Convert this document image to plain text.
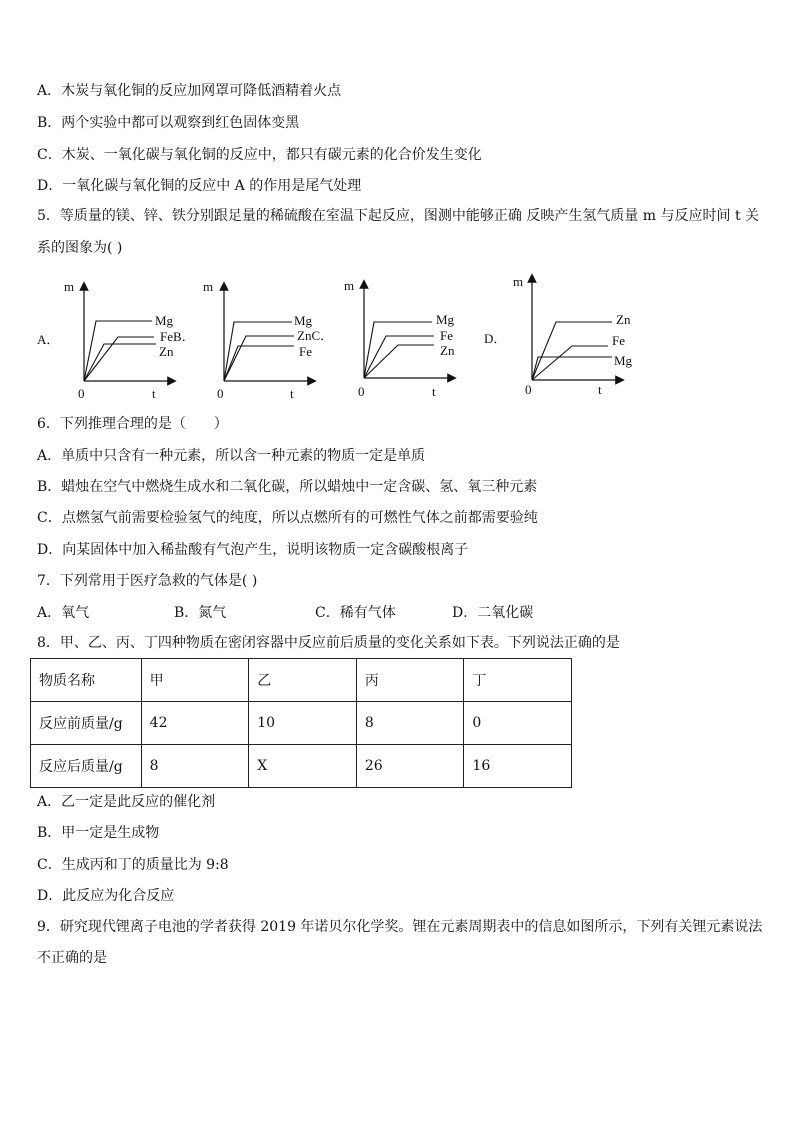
A．木炭与氧化铜的反应加网罩可降低酒精着火点
B．两个实验中都可以观察到红色固体变黑
C．木炭、一氧化碳与氧化铜的反应中，都只有碳元素的化合价发生变化
D．一氧化碳与氧化铜的反应中 A 的作用是尾气处理
5．等质量的镁、锌、铁分别跟足量的稀硫酸在室温下起反应，图测中能够正确 反映产生氢气质量 m 与反应时间 t 关
系的图象为( )
A．	D．
m
t
0
Mg
FeB．
Zn
m
t
0
Mg
ZnC．
Fe
m
t
0
Mg
Fe
Zn
m
t
0
Zn
Fe
Mg
6．下列推理合理的是（　　）
A．单质中只含有一种元素，所以含一种元素的物质一定是单质
B．蜡烛在空气中燃烧生成水和二氧化碳，所以蜡烛中一定含碳、氢、氧三种元素
C．点燃氢气前需要检验氢气的纯度，所以点燃所有的可燃性气体之前都需要验纯
D．向某固体中加入稀盐酸有气泡产生，说明该物质一定含碳酸根离子
7．下列常用于医疗急救的气体是( )
A．氧气	B．氮气	C．稀有气体	D．二氧化碳
8．甲、乙、丙、丁四种物质在密闭容器中反应前后质量的变化关系如下表。下列说法正确的是
物质名称	甲	乙	丙	丁
反应前质量/g	42	10	8	0
反应后质量/g	8	X	26	16
A．乙一定是此反应的催化剂
B．甲一定是生成物
C．生成丙和丁的质量比为 9:8
D．此反应为化合反应
9．研究现代锂离子电池的学者获得 2019 年诺贝尔化学奖。锂在元素周期表中的信息如图所示，下列有关锂元素说法
不正确的是
